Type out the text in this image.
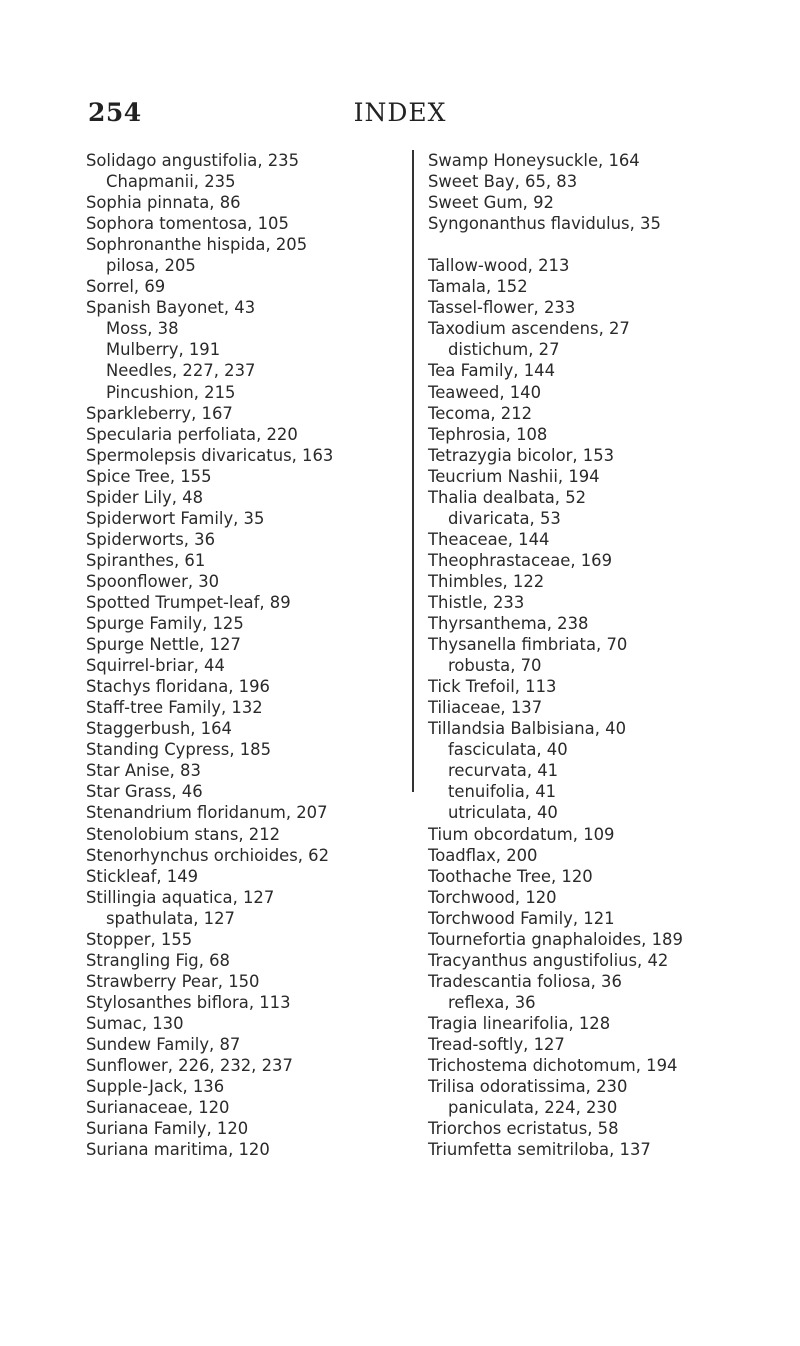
254	INDEX
Solidago angustifolia, 235
Chapmanii, 235
Sophia pinnata, 86
Sophora tomentosa, 105
Sophronanthe hispida, 205
pilosa, 205
Sorrel, 69
Spanish Bayonet, 43
Moss, 38
Mulberry, 191
Needles, 227, 237
Pincushion, 215
Sparkleberry, 167
Specularia perfoliata, 220
Spermolepsis divaricatus, 163
Spice Tree, 155
Spider Lily, 48
Spiderwort Family, 35
Spiderworts, 36
Spiranthes, 61
Spoonflower, 30
Spotted Trumpet-leaf, 89
Spurge Family, 125
Spurge Nettle, 127
Squirrel-briar, 44
Stachys floridana, 196
Staff-tree Family, 132
Staggerbush, 164
Standing Cypress, 185
Star Anise, 83
Star Grass, 46
Stenandrium floridanum, 207
Stenolobium stans, 212
Stenorhynchus orchioides, 62
Stickleaf, 149
Stillingia aquatica, 127
spathulata, 127
Stopper, 155
Strangling Fig, 68
Strawberry Pear, 150
Stylosanthes biflora, 113
Sumac, 130
Sundew Family, 87
Sunflower, 226, 232, 237
Supple-Jack, 136
Surianaceae, 120
Suriana Family, 120
Suriana maritima, 120
Swamp Honeysuckle, 164
Sweet Bay, 65, 83
Sweet Gum, 92
Syngonanthus flavidulus, 35
Tallow-wood, 213
Tamala, 152
Tassel-flower, 233
Taxodium ascendens, 27
distichum, 27
Tea Family, 144
Teaweed, 140
Tecoma, 212
Tephrosia, 108
Tetrazygia bicolor, 153
Teucrium Nashii, 194
Thalia dealbata, 52
divaricata, 53
Theaceae, 144
Theophrastaceae, 169
Thimbles, 122
Thistle, 233
Thyrsanthema, 238
Thysanella fimbriata, 70
robusta, 70
Tick Trefoil, 113
Tiliaceae, 137
Tillandsia Balbisiana, 40
fasciculata, 40
recurvata, 41
tenuifolia, 41
utriculata, 40
Tium obcordatum, 109
Toadflax, 200
Toothache Tree, 120
Torchwood, 120
Torchwood Family, 121
Tournefortia gnaphaloides, 189
Tracyanthus angustifolius, 42
Tradescantia foliosa, 36
reflexa, 36
Tragia linearifolia, 128
Tread-softly, 127
Trichostema dichotomum, 194
Trilisa odoratissima, 230
paniculata, 224, 230
Triorchos ecristatus, 58
Triumfetta semitriloba, 137
